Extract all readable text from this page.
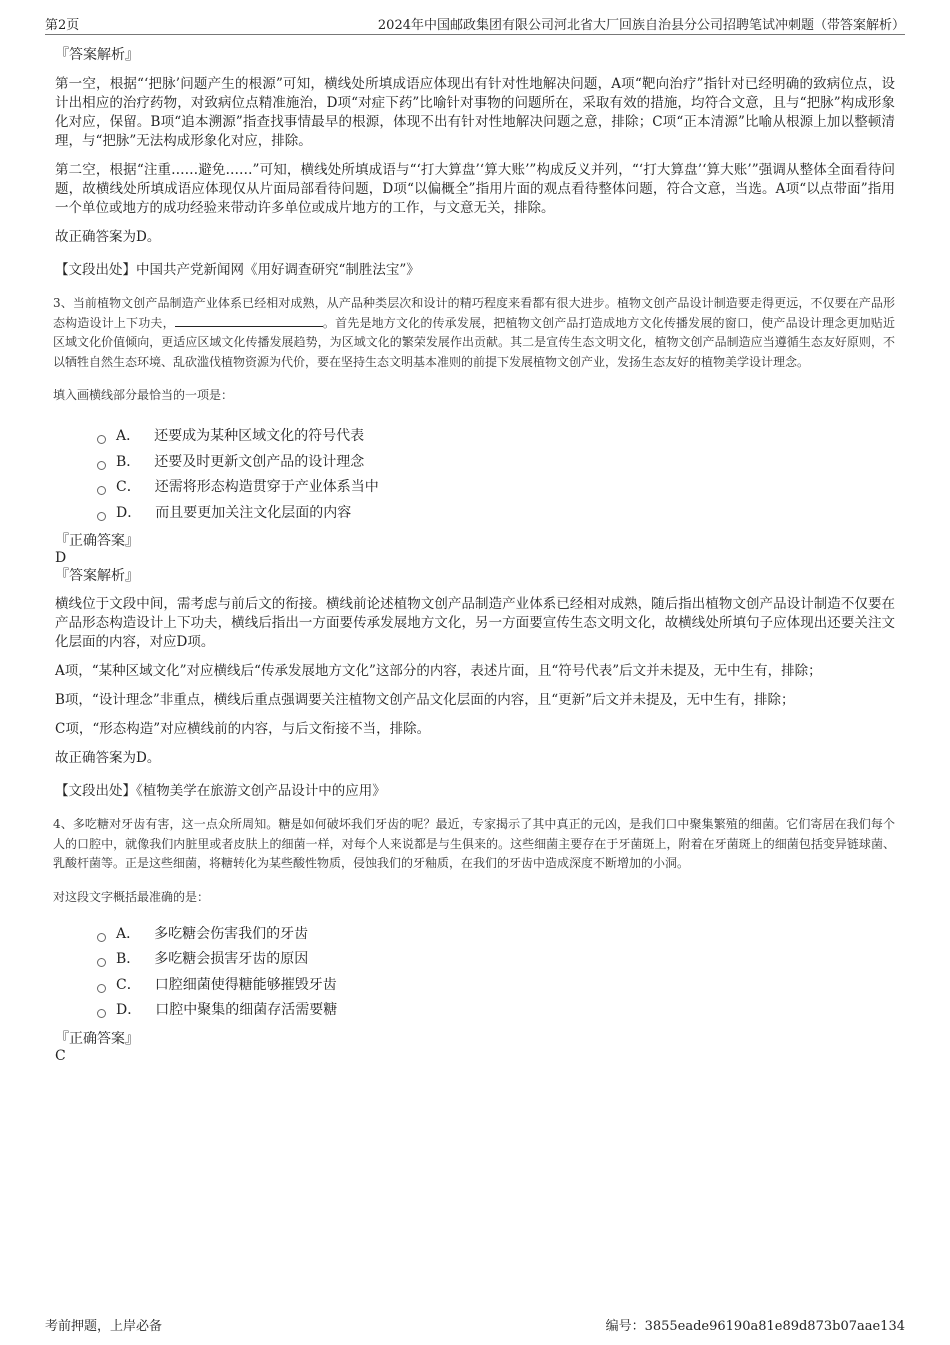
第2页	2024年中国邮政集团有限公司河北省大厂回族自治县分公司招聘笔试冲刺题（带答案解析）

『答案解析』

第一空，根据“‘把脉’问题产生的根源”可知，横线处所填成语应体现出有针对性地解决问题，A项“靶向治疗”指针对已经明确的致病位点，设计出相应的治疗药物，对致病位点精准施治，D项“对症下药”比喻针对事物的问题所在，采取有效的措施，均符合文意，且与“把脉”构成形象化对应，保留。B项“追本溯源”指查找事情最早的根源，体现不出有针对性地解决问题之意，排除；C项“正本清源”比喻从根源上加以整顿清理，与“把脉”无法构成形象化对应，排除。

第二空，根据“注重……避免……”可知，横线处所填成语与“‘打大算盘’‘算大账’”构成反义并列，“‘打大算盘’‘算大账’”强调从整体全面看待问题，故横线处所填成语应体现仅从片面局部看待问题，D项“以偏概全”指用片面的观点看待整体问题，符合文意，当选。A项“以点带面”指用一个单位或地方的成功经验来带动许多单位或成片地方的工作，与文意无关，排除。

故正确答案为D。

【文段出处】中国共产党新闻网《用好调查研究“制胜法宝”》

3、当前植物文创产品制造产业体系已经相对成熟，从产品种类层次和设计的精巧程度来看都有很大进步。植物文创产品设计制造要走得更远，不仅要在产品形态构造设计上下功夫，	。首先是地方文化的传承发展，把植物文创产品打造成地方文化传播发展的窗口，使产品设计理念更加贴近区域文化价值倾向，更适应区域文化传播发展趋势，为区域文化的繁荣发展作出贡献。其二是宣传生态文明文化，植物文创产品制造应当遵循生态友好原则，不以牺牲自然生态环境、乱砍滥伐植物资源为代价，要在坚持生态文明基本准则的前提下发展植物文创产业，发扬生态友好的植物美学设计理念。

填入画横线部分最恰当的一项是：

A． 还要成为某种区域文化的符号代表
B． 还要及时更新文创产品的设计理念
C． 还需将形态构造贯穿于产业体系当中
D． 而且要更加关注文化层面的内容

『正确答案』

D

『答案解析』

横线位于文段中间，需考虑与前后文的衔接。横线前论述植物文创产品制造产业体系已经相对成熟，随后指出植物文创产品设计制造不仅要在产品形态构造设计上下功夫，横线后指出一方面要传承发展地方文化，另一方面要宣传生态文明文化，故横线处所填句子应体现出还要关注文化层面的内容，对应D项。

A项，“某种区域文化”对应横线后“传承发展地方文化”这部分的内容，表述片面，且“符号代表”后文并未提及，无中生有，排除；

B项，“设计理念”非重点，横线后重点强调要关注植物文创产品文化层面的内容，且“更新”后文并未提及，无中生有，排除；

C项，“形态构造”对应横线前的内容，与后文衔接不当，排除。

故正确答案为D。

【文段出处】《植物美学在旅游文创产品设计中的应用》

4、多吃糖对牙齿有害，这一点众所周知。糖是如何破坏我们牙齿的呢？最近，专家揭示了其中真正的元凶，是我们口中聚集繁殖的细菌。它们寄居在我们每个人的口腔中，就像我们内脏里或者皮肤上的细菌一样，对每个人来说都是与生俱来的。这些细菌主要存在于牙菌斑上，附着在牙菌斑上的细菌包括变异链球菌、乳酸杆菌等。正是这些细菌，将糖转化为某些酸性物质，侵蚀我们的牙釉质，在我们的牙齿中造成深度不断增加的小洞。

对这段文字概括最准确的是：

A． 多吃糖会伤害我们的牙齿
B． 多吃糖会损害牙齿的原因
C． 口腔细菌使得糖能够摧毁牙齿
D． 口腔中聚集的细菌存活需要糖

『正确答案』

C

考前押题，上岸必备	编号：3855eade96190a81e89d873b07aae134
